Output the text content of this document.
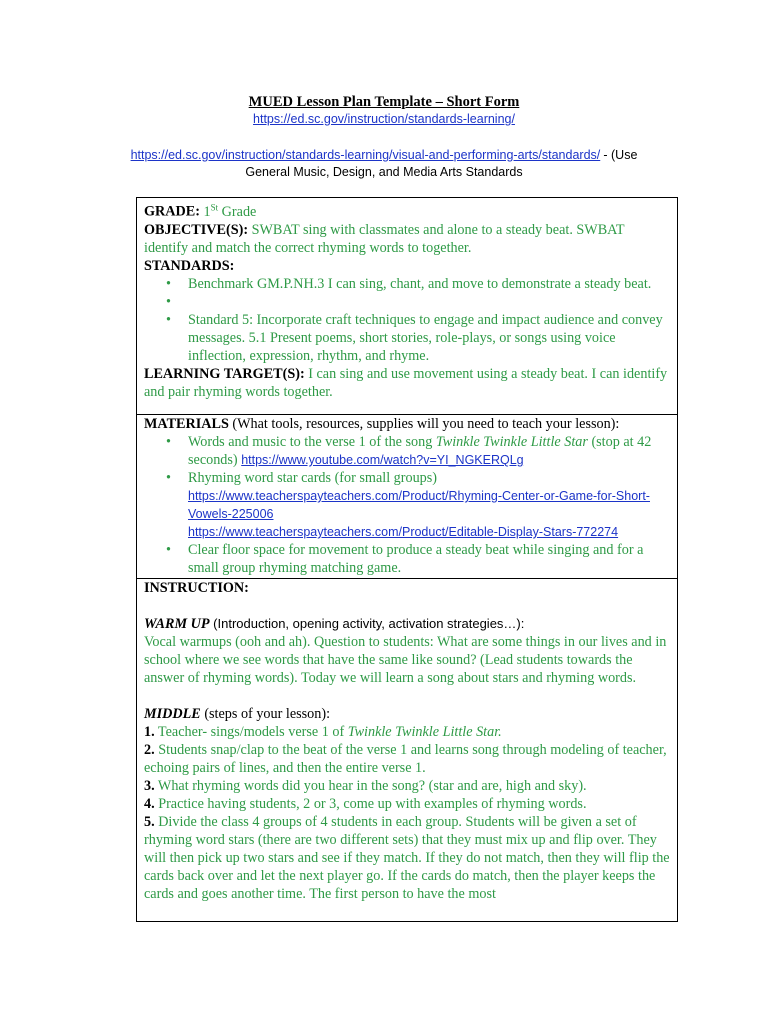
MUED Lesson Plan Template – Short Form
https://ed.sc.gov/instruction/standards-learning/
https://ed.sc.gov/instruction/standards-learning/visual-and-performing-arts/standards/ - (Use
General Music, Design, and Media Arts Standards
GRADE: 1St Grade
OBJECTIVE(S): SWBAT sing with classmates and alone to a steady beat. SWBAT identify and match the correct rhyming words to together.
STANDARDS:
• Benchmark GM.P.NH.3 I can sing, chant, and move to demonstrate a steady beat.
•
• Standard 5: Incorporate craft techniques to engage and impact audience and convey messages. 5.1 Present poems, short stories, role-plays, or songs using voice inflection, expression, rhythm, and rhyme.
LEARNING TARGET(S): I can sing and use movement using a steady beat. I can identify and pair rhyming words together.
MATERIALS (What tools, resources, supplies will you need to teach your lesson):
• Words and music to the verse 1 of the song Twinkle Twinkle Little Star (stop at 42 seconds) https://www.youtube.com/watch?v=YI_NGKERQLg
• Rhyming word star cards (for small groups)
https://www.teacherspayteachers.com/Product/Rhyming-Center-or-Game-for-Short-Vowels-225006
https://www.teacherspayteachers.com/Product/Editable-Display-Stars-772274
• Clear floor space for movement to produce a steady beat while singing and for a small group rhyming matching game.
INSTRUCTION:
WARM UP (Introduction, opening activity, activation strategies…):
Vocal warmups (ooh and ah). Question to students: What are some things in our lives and in school where we see words that have the same like sound? (Lead students towards the answer of rhyming words). Today we will learn a song about stars and rhyming words.
MIDDLE (steps of your lesson):
1. Teacher- sings/models verse 1 of Twinkle Twinkle Little Star.
2. Students snap/clap to the beat of the verse 1 and learns song through modeling of teacher, echoing pairs of lines, and then the entire verse 1.
3. What rhyming words did you hear in the song? (star and are, high and sky).
4. Practice having students, 2 or 3, come up with examples of rhyming words.
5. Divide the class 4 groups of 4 students in each group. Students will be given a set of rhyming word stars (there are two different sets) that they must mix up and flip over. They will then pick up two stars and see if they match. If they do not match, then they will flip the cards back over and let the next player go. If the cards do match, then the player keeps the cards and goes another time. The first person to have the most
